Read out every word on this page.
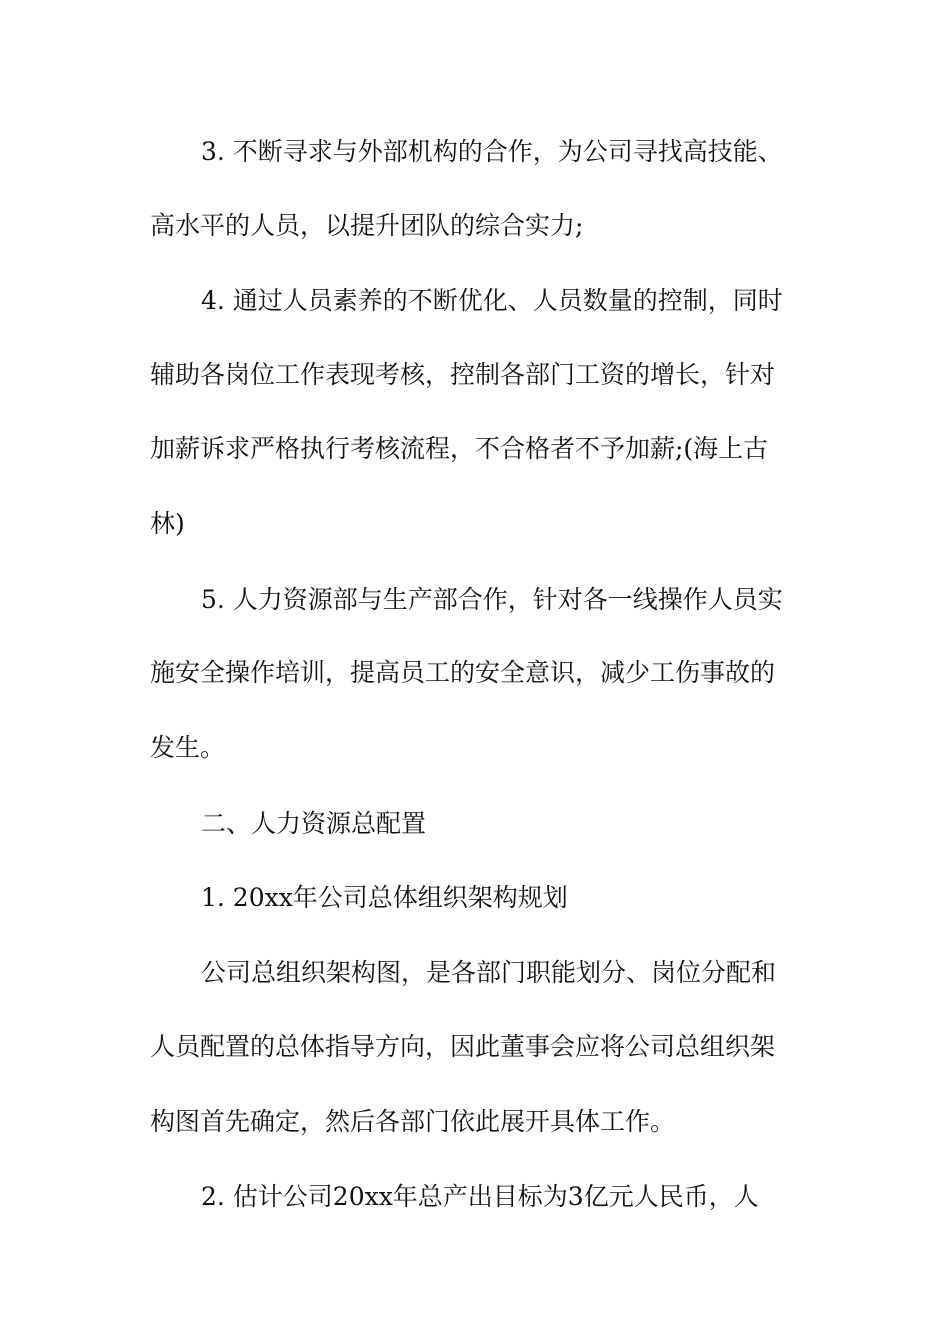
3. 不断寻求与外部机构的合作，为公司寻找高技能、
高水平的人员，以提升团队的综合实力;
4. 通过人员素养的不断优化、人员数量的控制，同时
辅助各岗位工作表现考核，控制各部门工资的增长，针对
加薪诉求严格执行考核流程，不合格者不予加薪;(海上古
林)
5. 人力资源部与生产部合作，针对各一线操作人员实
施安全操作培训，提高员工的安全意识，减少工伤事故的
发生。
二、人力资源总配置
1. 20xx年公司总体组织架构规划
公司总组织架构图，是各部门职能划分、岗位分配和
人员配置的总体指导方向，因此董事会应将公司总组织架
构图首先确定，然后各部门依此展开具体工作。
2. 估计公司20xx年总产出目标为3亿元人民币，人
